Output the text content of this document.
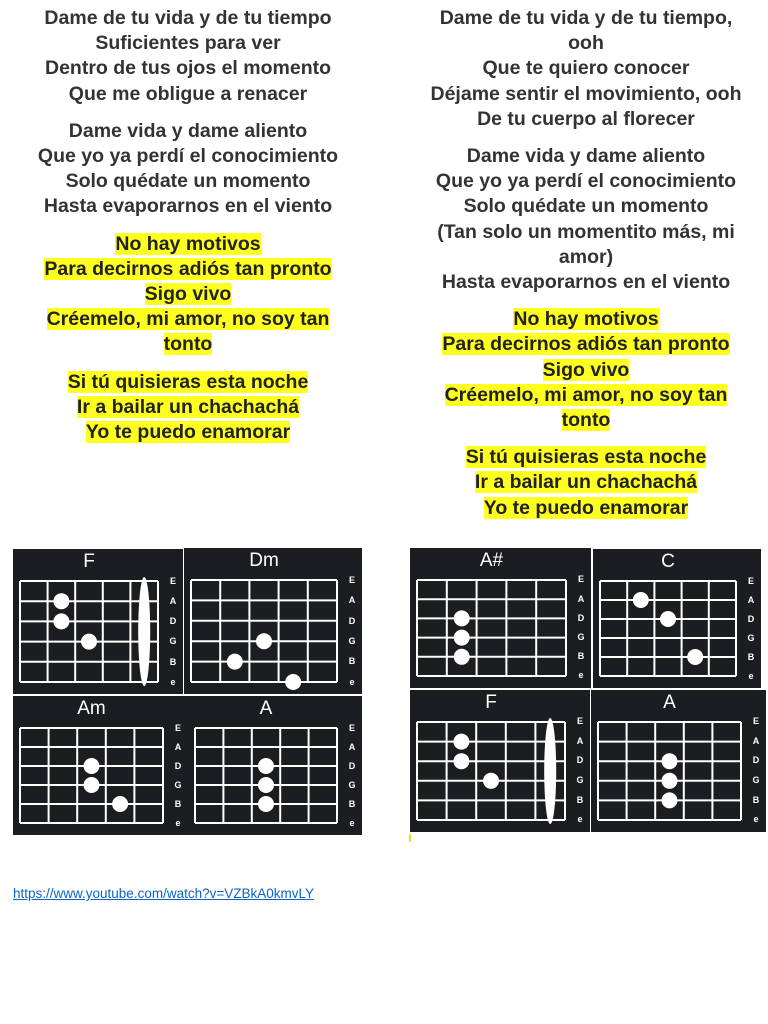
Dame de tu vida y de tu tiempo
Suficientes para ver
Dentro de tus ojos el momento
Que me obligue a renacer
Dame vida y dame aliento
Que yo ya perdí el conocimiento
Solo quédate un momento
Hasta evaporarnos en el viento
No hay motivos
Para decirnos adiós tan pronto
Sigo vivo
Créemelo, mi amor, no soy tan
tonto
Si tú quisieras esta noche
Ir a bailar un chachachá
Yo te puedo enamorar
Dame de tu vida y de tu tiempo,
ooh
Que te quiero conocer
Déjame sentir el movimiento, ooh
De tu cuerpo al florecer
Dame vida y dame aliento
Que yo ya perdí el conocimiento
Solo quédate un momento
(Tan solo un momentito más, mi
amor)
Hasta evaporarnos en el viento
No hay motivos
Para decirnos adiós tan pronto
Sigo vivo
Créemelo, mi amor, no soy tan
tonto
Si tú quisieras esta noche
Ir a bailar un chachachá
Yo te puedo enamorar
F
E
A
D
G
B
e
Dm
E
A
D
G
B
e
Am
E
A
D
G
B
e
A
E
A
D
G
B
e
A#
E
A
D
G
B
e
C
E
A
D
G
B
e
F
E
A
D
G
B
e
A
E
A
D
G
B
e
https://www.youtube.com/watch?v=VZBkA0kmvLY
